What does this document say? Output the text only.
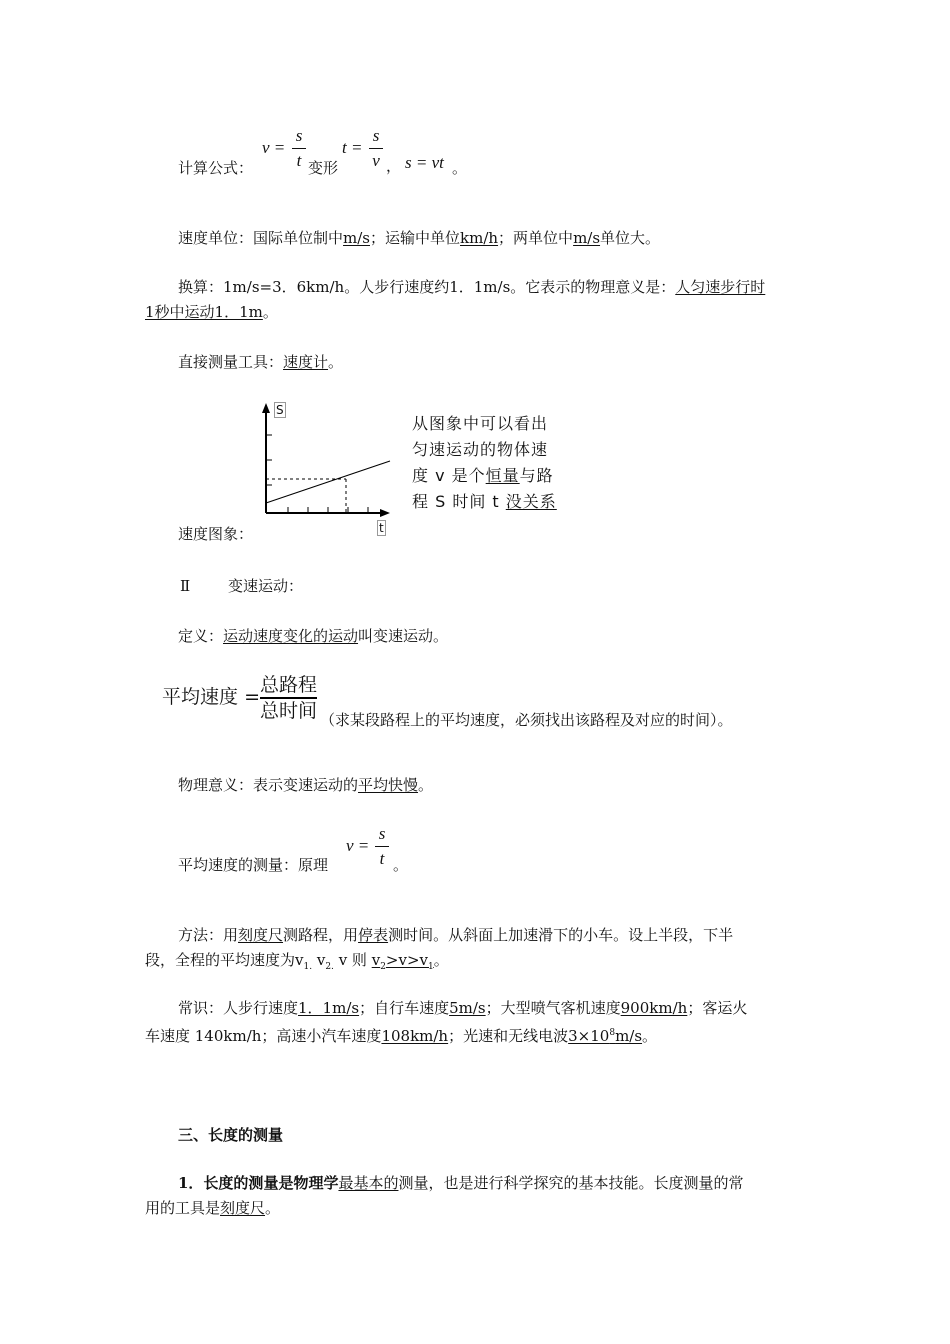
计算公式：
v =
s
t 变形
t =
s
v ， s = vt 。
速度单位：国际单位制中m/s；运输中单位km/h；两单位中m/s单位大。
换算：1m/s=3．6km/h。人步行速度约1．1m/s。它表示的物理意义是：人匀速步行时
1秒中运动1．1m。
直接测量工具：速度计。
速度图象：
S
t
从图象中可以看出
匀速运动的物体速
度 v 是个恒量与路
程 S 时间 t 没关系
Ⅱ	变速运动：
定义：运动速度变化的运动叫变速运动。
平均速度 =
总路程
总时间 （求某段路程上的平均速度，必须找出该路程及对应的时间）。
物理意义：表示变速运动的平均快慢。
平均速度的测量：原理
v =
s
t 。
方法：用刻度尺测路程，用停表测时间。从斜面上加速滑下的小车。设上半段，下半
段，全程的平均速度为$v_{1.}$ $v_{2.}$ v 则 $v_2>v>v_1$。
常识：人步行速度1．1m/s；自行车速度5m/s；大型喷气客机速度900km/h；客运火
车速度 140km/h；高速小汽车速度108km/h；光速和无线电波$3\times 10^8m/s$。
三、长度的测量
1．长度的测量是物理学最基本的测量，也是进行科学探究的基本技能。长度测量的常
用的工具是刻度尺。
